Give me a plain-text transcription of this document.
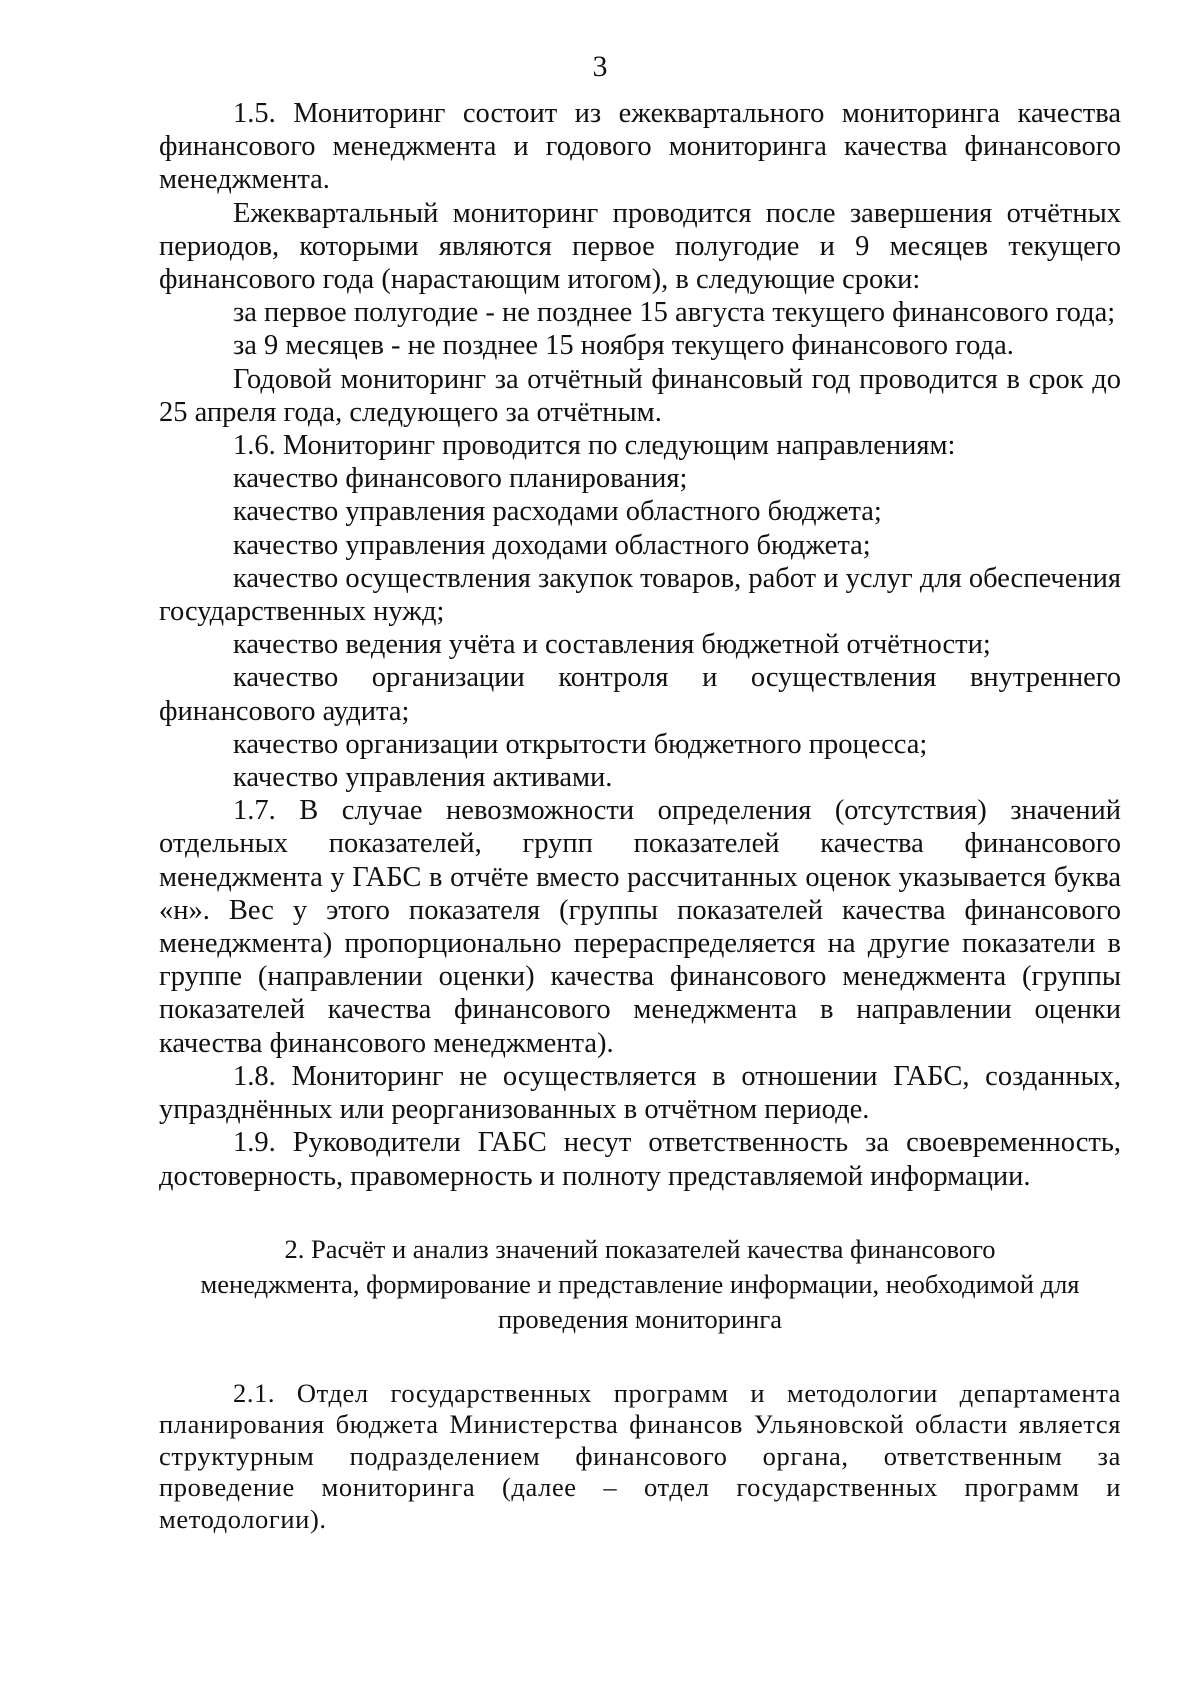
3

1.5. Мониторинг состоит из ежеквартального мониторинга качества финансового менеджмента и годового мониторинга качества финансового менеджмента.

Ежеквартальный мониторинг проводится после завершения отчётных периодов, которыми являются первое полугодие и 9 месяцев текущего финансового года (нарастающим итогом), в следующие сроки:

за первое полугодие - не позднее 15 августа текущего финансового года;

за 9 месяцев - не позднее 15 ноября текущего финансового года.

Годовой мониторинг за отчётный финансовый год проводится в срок до 25 апреля года, следующего за отчётным.

1.6. Мониторинг проводится по следующим направлениям:

качество финансового планирования;

качество управления расходами областного бюджета;

качество управления доходами областного бюджета;

качество осуществления закупок товаров, работ и услуг для обеспечения государственных нужд;

качество ведения учёта и составления бюджетной отчётности;

качество организации контроля и осуществления внутреннего финансового аудита;

качество организации открытости бюджетного процесса;

качество управления активами.

1.7. В случае невозможности определения (отсутствия) значений отдельных показателей, групп показателей качества финансового менеджмента у ГАБС в отчёте вместо рассчитанных оценок указывается буква «н». Вес у этого показателя (группы показателей качества финансового менеджмента) пропорционально перераспределяется на другие показатели в группе (направлении оценки) качества финансового менеджмента (группы показателей качества финансового менеджмента в направлении оценки качества финансового менеджмента).

1.8. Мониторинг не осуществляется в отношении ГАБС, созданных, упразднённых или реорганизованных в отчётном периоде.

1.9. Руководители ГАБС несут ответственность за своевременность, достоверность, правомерность и полноту представляемой информации.

2. Расчёт и анализ значений показателей качества финансового
менеджмента, формирование и представление информации, необходимой для
проведения мониторинга

2.1. Отдел государственных программ и методологии департамента планирования бюджета Министерства финансов Ульяновской области является структурным подразделением финансового органа, ответственным за проведение мониторинга (далее – отдел государственных программ и методологии).
